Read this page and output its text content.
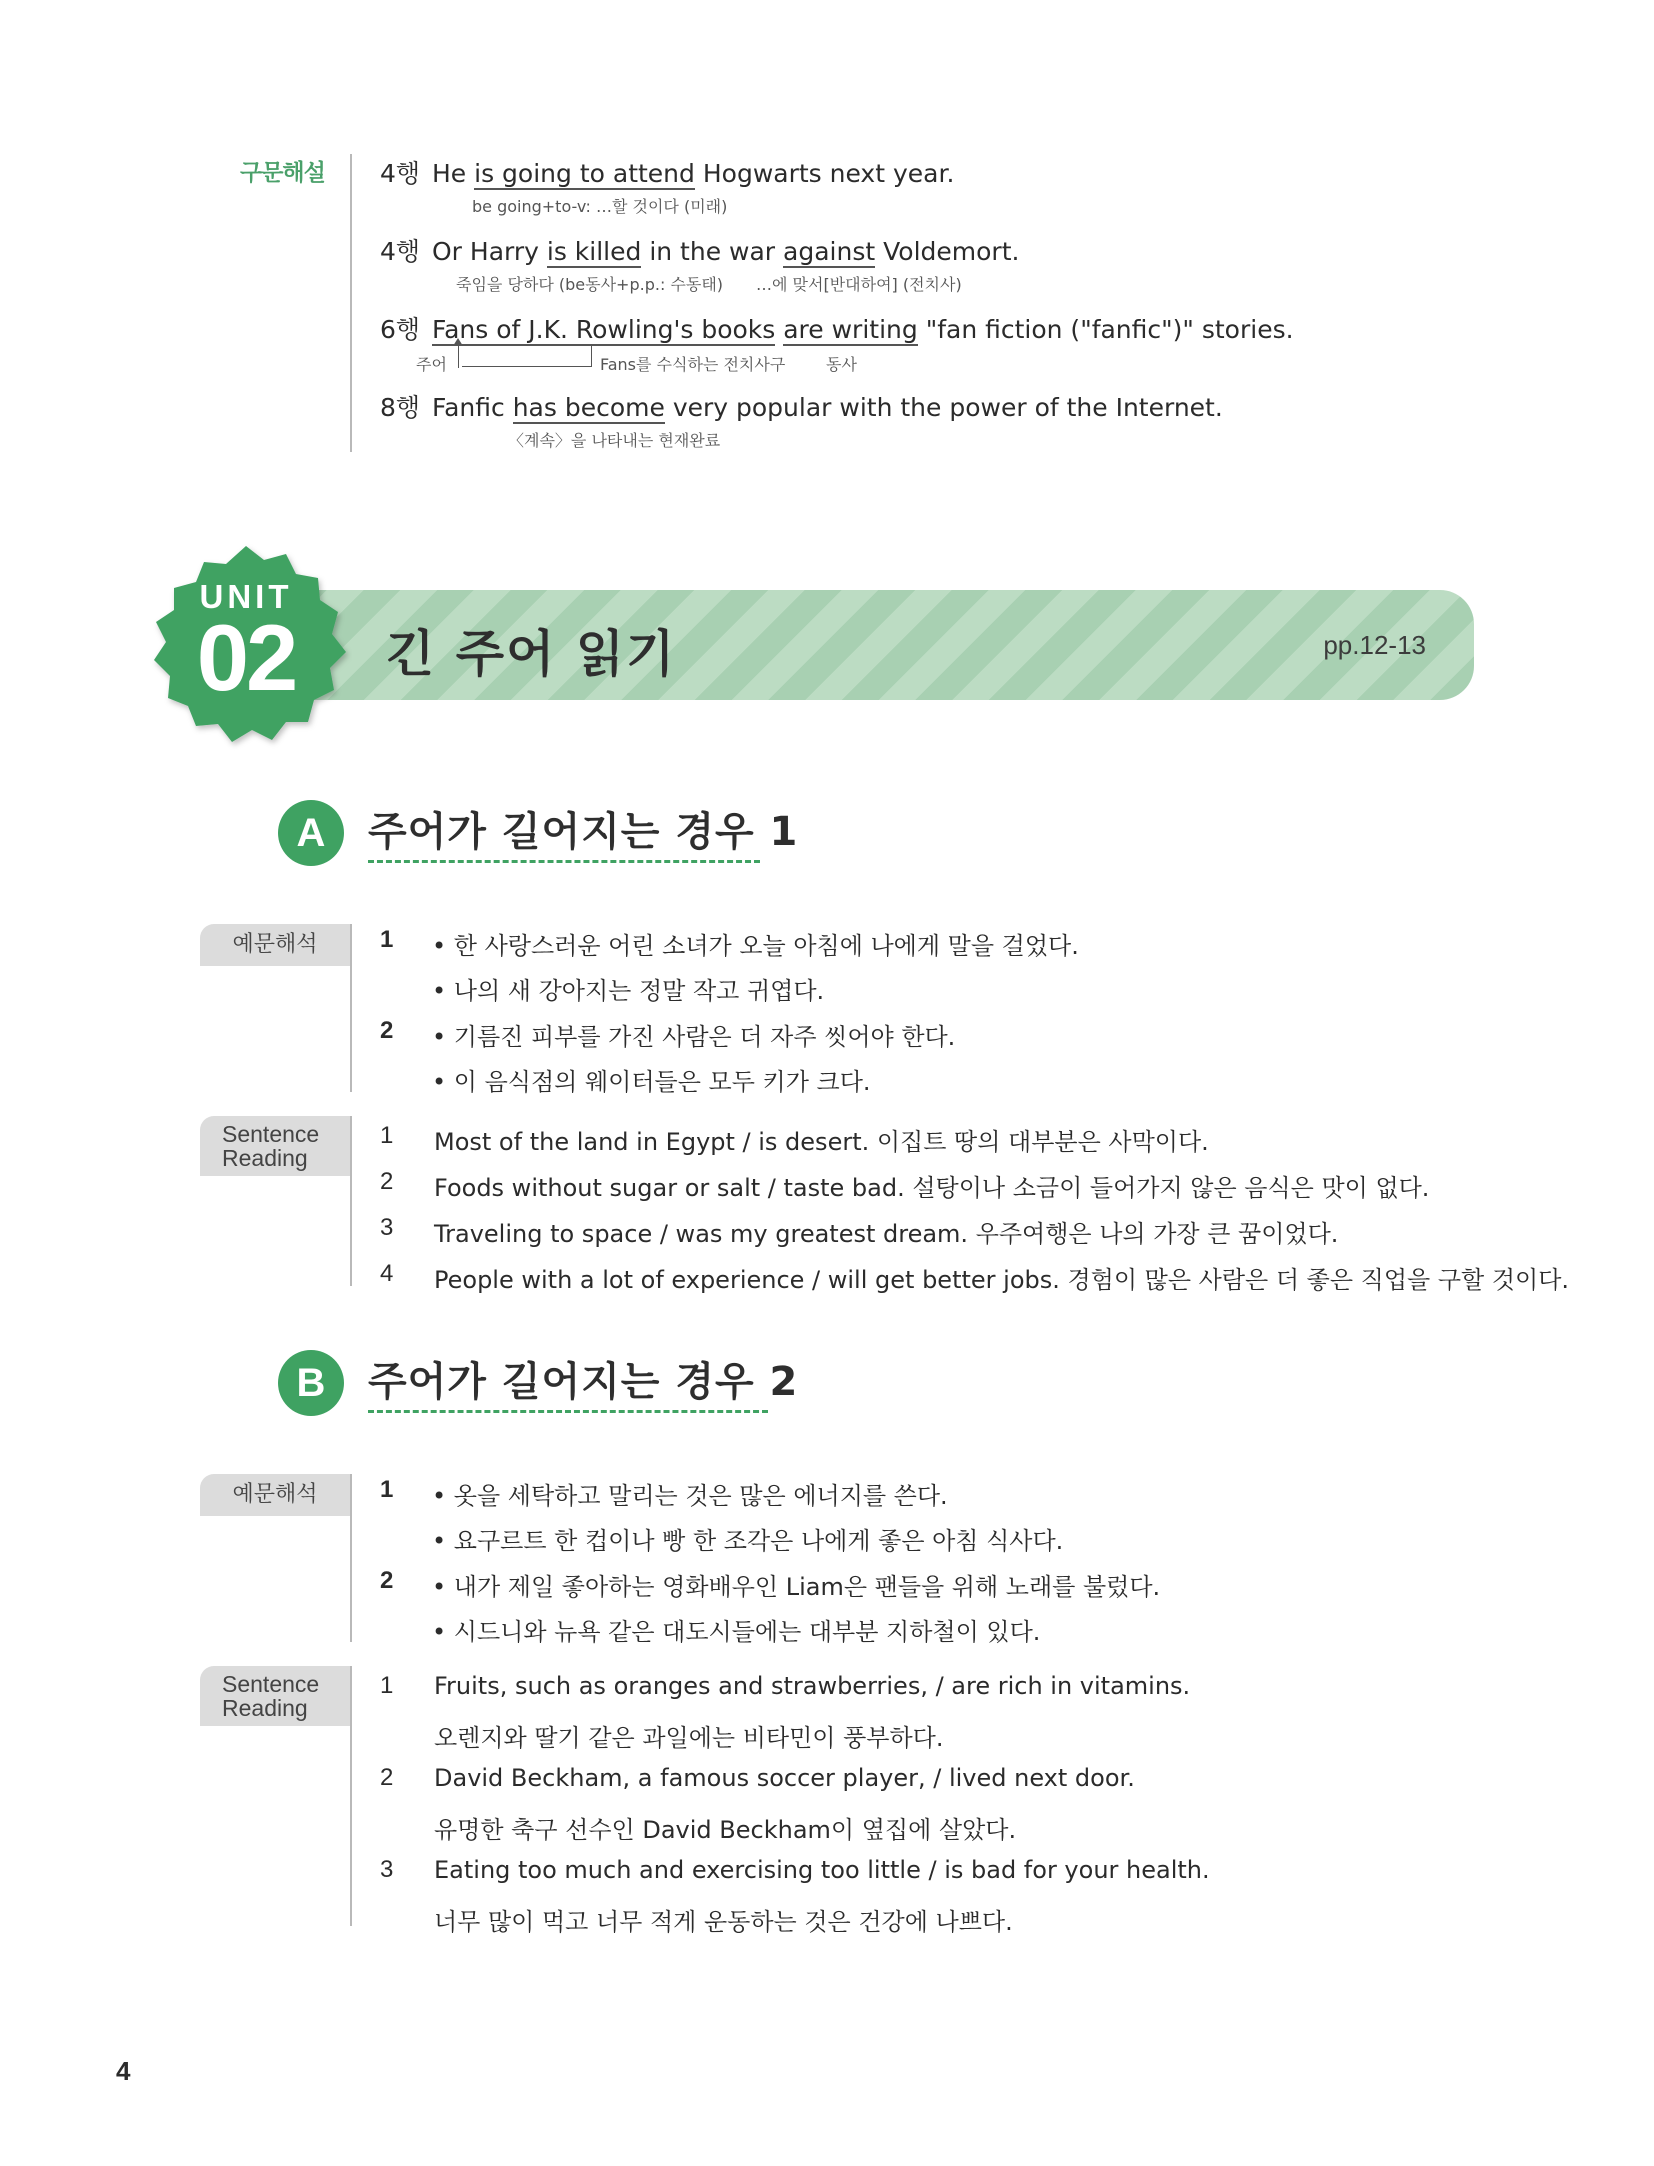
구문해설 4행 He is going to attend Hogwarts next year.
be going+to-v: …할 것이다 (미래)
4행 Or Harry is killed in the war against Voldemort.
죽임을 당하다 (be동사+p.p.: 수동태) …에 맞서[반대하여] (전치사)
6행 Fans of J.K. Rowling's books are writing "fan fiction ("fanfic")" stories.
주어	Fans를 수식하는 전치사구	동사
8행 Fanfic has become very popular with the power of the Internet.
〈계속〉을 나타내는 현재완료
UNIT
02	긴 주어 읽기	pp.12-13
A	주어가 길어지는 경우 1
예문해석	1 • 한 사랑스러운 어린 소녀가 오늘 아침에 나에게 말을 걸었다.
• 나의 새 강아지는 정말 작고 귀엽다.
2 • 기름진 피부를 가진 사람은 더 자주 씻어야 한다.
• 이 음식점의 웨이터들은 모두 키가 크다.
Sentence
Reading
1 Most of the land in Egypt / is desert. 이집트 땅의 대부분은 사막이다.
2 Foods without sugar or salt / taste bad. 설탕이나 소금이 들어가지 않은 음식은 맛이 없다.
3 Traveling to space / was my greatest dream. 우주여행은 나의 가장 큰 꿈이었다.
4 People with a lot of experience / will get better jobs. 경험이 많은 사람은 더 좋은 직업을 구할 것이다.
B	주어가 길어지는 경우 2
예문해석	1 • 옷을 세탁하고 말리는 것은 많은 에너지를 쓴다.
• 요구르트 한 컵이나 빵 한 조각은 나에게 좋은 아침 식사다.
2 • 내가 제일 좋아하는 영화배우인 Liam은 팬들을 위해 노래를 불렀다.
• 시드니와 뉴욕 같은 대도시들에는 대부분 지하철이 있다.
Sentence
Reading
1 Fruits, such as oranges and strawberries, / are rich in vitamins.
오렌지와 딸기 같은 과일에는 비타민이 풍부하다.
2 David Beckham, a famous soccer player, / lived next door.
유명한 축구 선수인 David Beckham이 옆집에 살았다.
3 Eating too much and exercising too little / is bad for your health.
너무 많이 먹고 너무 적게 운동하는 것은 건강에 나쁘다.
4
